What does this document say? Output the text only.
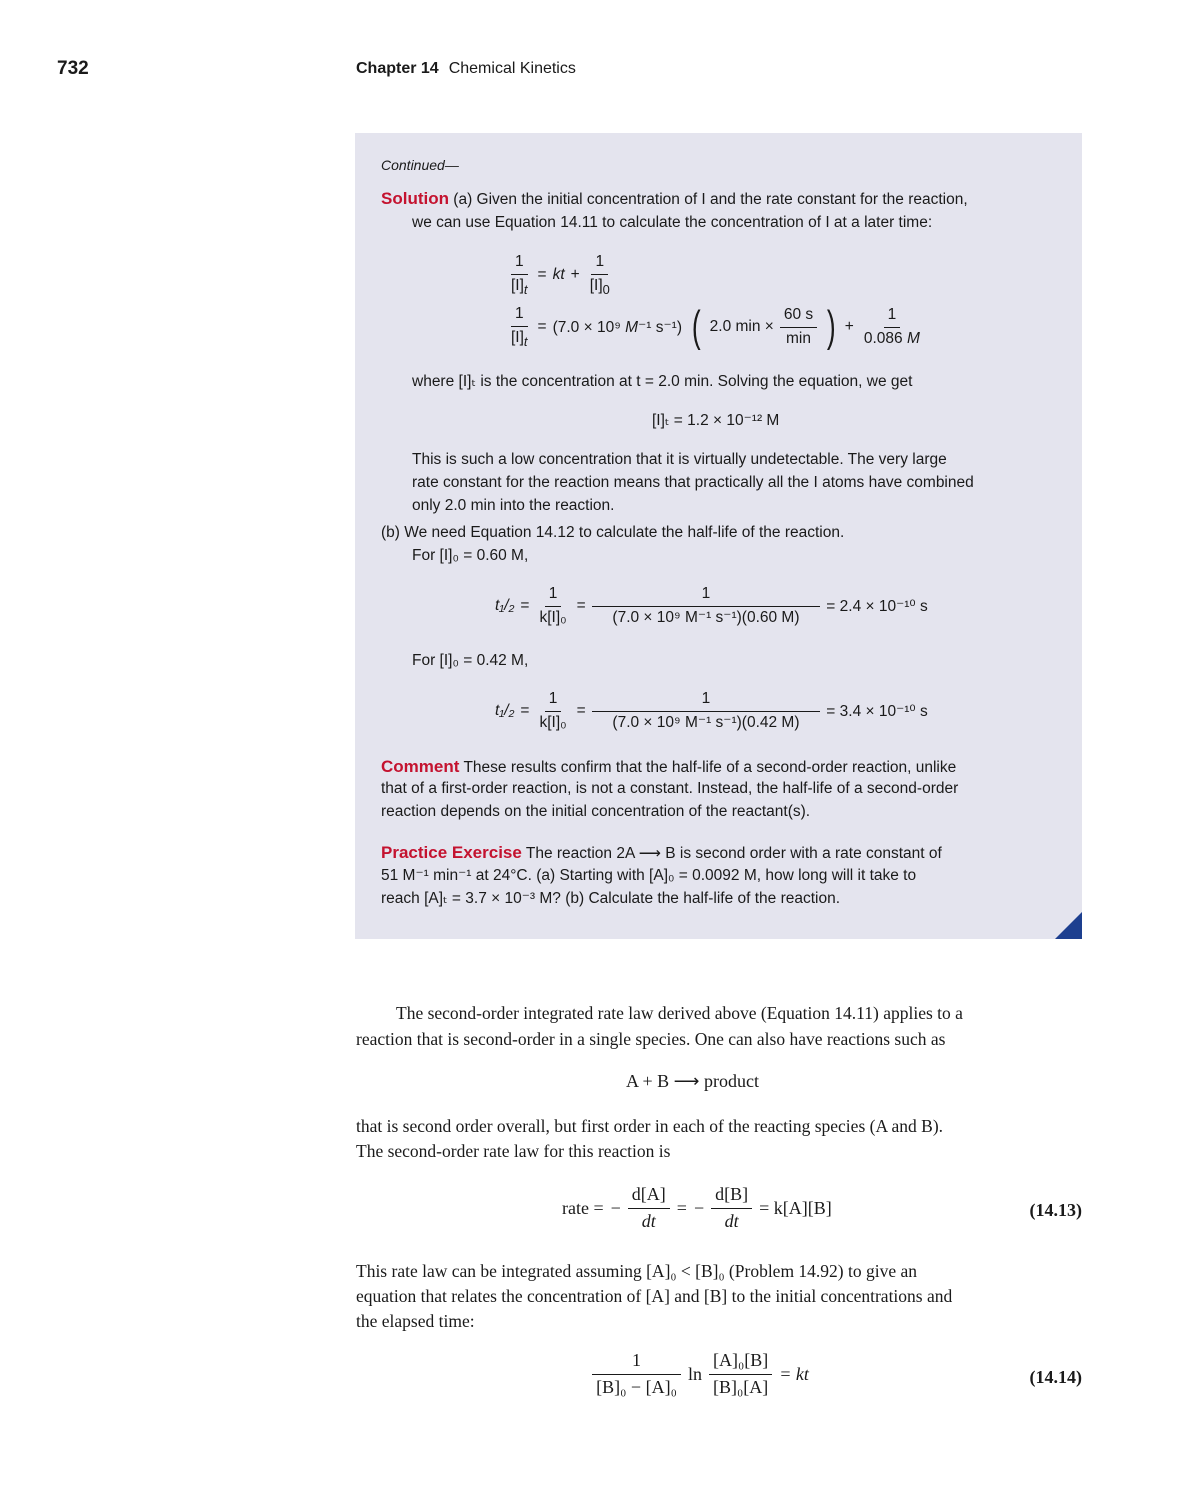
732	Chapter 14 Chemical Kinetics
Continued—
Solution (a) Given the initial concentration of I and the rate constant for the reaction,
we can use Equation 14.11 to calculate the concentration of I at a later time:
$\frac{1}{[I]_t}$ = kt + $\frac{1}{[I]_0}$
$\frac{1}{[I]_t} = (7.0 \times 10^9$ M⁻¹ s⁻¹) ( 2.0 $\min \times \frac{60 s}{\min}$ ) + $\frac{1}{0.086 M}$
where [I]ₜ is the concentration at t = 2.0 min. Solving the equation, we get
[I]ₜ = 1.2 × 10⁻¹² M
This is such a low concentration that it is virtually undetectable. The very large
rate constant for the reaction means that practically all the I atoms have combined
only 2.0 min into the reaction.
(b) We need Equation 14.12 to calculate the half-life of the reaction.
For [I]₀ = 0.60 M,
$t_1/_2 = \frac{1}{\text{k[I]₀}} = \frac{1}{\text{(7.0 × 10⁹ M⁻¹ s⁻¹)(0.60 M)}} = 2.4 \times 10^{-10}$ s
For [I]₀ = 0.42 M,
$t_1/_2 = \frac{1}{\text{k[I]₀}} = \frac{1}{\text{(7.0 × 10⁹ M⁻¹ s⁻¹)(0.42 M)}} = 3.4 \times 10^{-10}$ s
Comment These results confirm that the half-life of a second-order reaction, unlike
that of a first-order reaction, is not a constant. Instead, the half-life of a second-order
reaction depends on the initial concentration of the reactant(s).
Practice Exercise The reaction 2A ⟶ B is second order with a rate constant of
51 M⁻¹ min⁻¹ at 24°C. (a) Starting with [A]₀ = 0.0092 M, how long will it take to
reach [A]ₜ = 3.7 × 10⁻³ M? (b) Calculate the half-life of the reaction.
The second-order integrated rate law derived above (Equation 14.11) applies to a
reaction that is second-order in a single species. One can also have reactions such as
A + B ⟶ product
that is second order overall, but first order in each of the reacting species (A and B).
The second-order rate law for this reaction is
rate = − $\frac{d[A]}{dt}$ = − $\frac{d[B]}{dt} = k[A][B]$	(14.13)
This rate law can be integrated assuming [A]₀ < [B]₀ (Problem 14.92) to give an
equation that relates the concentration of [A] and [B] to the initial concentrations and
the elapsed time:
$\frac{1}{\text{[B]₀ − [A]₀}}$ $\ln \frac{\text{[A]₀[B]}}{\text{[B]₀[A]}}$ = kt	(14.14)
